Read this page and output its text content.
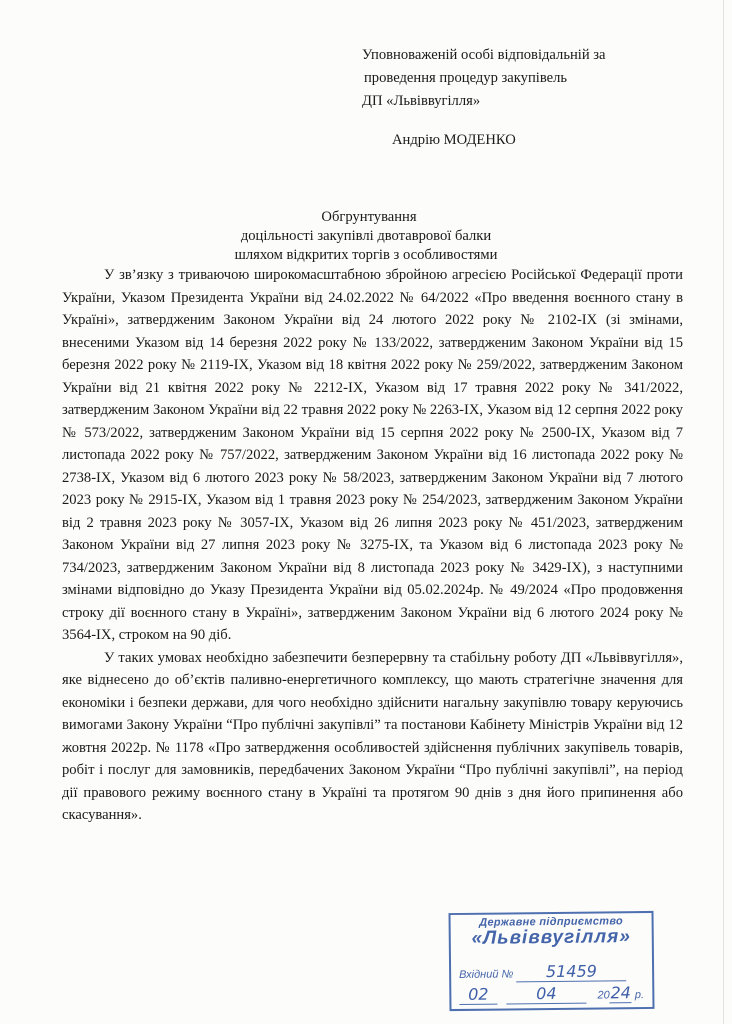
Уповноваженій особі відповідальній за
проведення процедур закупівель
ДП «Львіввугілля»
Андрію МОДЕНКО
Обгрунтування
доцільності закупівлі двотаврової балки
шляхом відкритих торгів з особливостями

У зв’язку з триваючою широкомасштабною збройною агресією Російської Федерації проти України, Указом Президента України від 24.02.2022 № 64/2022 «Про введення воєнного стану в Україні», затвердженим Законом України від 24 лютого 2022 року № 2102-IX (зі змінами, внесеними Указом від 14 березня 2022 року № 133/2022, затвердженим Законом України від 15 березня 2022 року № 2119-IX, Указом від 18 квітня 2022 року № 259/2022, затвердженим Законом України від 21 квітня 2022 року № 2212-IX, Указом від 17 травня 2022 року № 341/2022, затвердженим Законом України від 22 травня 2022 року № 2263-IX, Указом від 12 серпня 2022 року № 573/2022, затвердженим Законом України від 15 серпня 2022 року № 2500-IX, Указом від 7 листопада 2022 року № 757/2022, затвердженим Законом України від 16 листопада 2022 року № 2738-IX, Указом від 6 лютого 2023 року № 58/2023, затвердженим Законом України від 7 лютого 2023 року № 2915-IX, Указом від 1 травня 2023 року № 254/2023, затвердженим Законом України від 2 травня 2023 року № 3057-IX, Указом від 26 липня 2023 року № 451/2023, затвердженим Законом України від 27 липня 2023 року № 3275-IX, та Указом від 6 листопада 2023 року № 734/2023, затвердженим Законом України від 8 листопада 2023 року № 3429-IX), з наступними змінами відповідно до Указу Президента України від 05.02.2024р. № 49/2024 «Про продовження строку дії воєнного стану в Україні», затвердженим Законом України від 6 лютого 2024 року № 3564-IX, строком на 90 діб.

У таких умовах необхідно забезпечити безперервну та стабільну роботу ДП «Львіввугілля», яке віднесено до об’єктів паливно-енергетичного комплексу, що мають стратегічне значення для економіки і безпеки держави, для чого необхідно здійснити нагальну закупівлю товару керуючись вимогами Закону України “Про публічні закупівлі” та постанови Кабінету Міністрів України від 12 жовтня 2022р. № 1178 «Про затвердження особливостей здійснення публічних закупівель товарів, робіт і послуг для замовників, передбачених Законом України “Про публічні закупівлі”, на період дії правового режиму воєнного стану в Україні та протягом 90 днів з дня його припинення або скасування».

Державне підприємство
«Львіввугілля»
Вхідний № 51459
02	04	2024 р.
